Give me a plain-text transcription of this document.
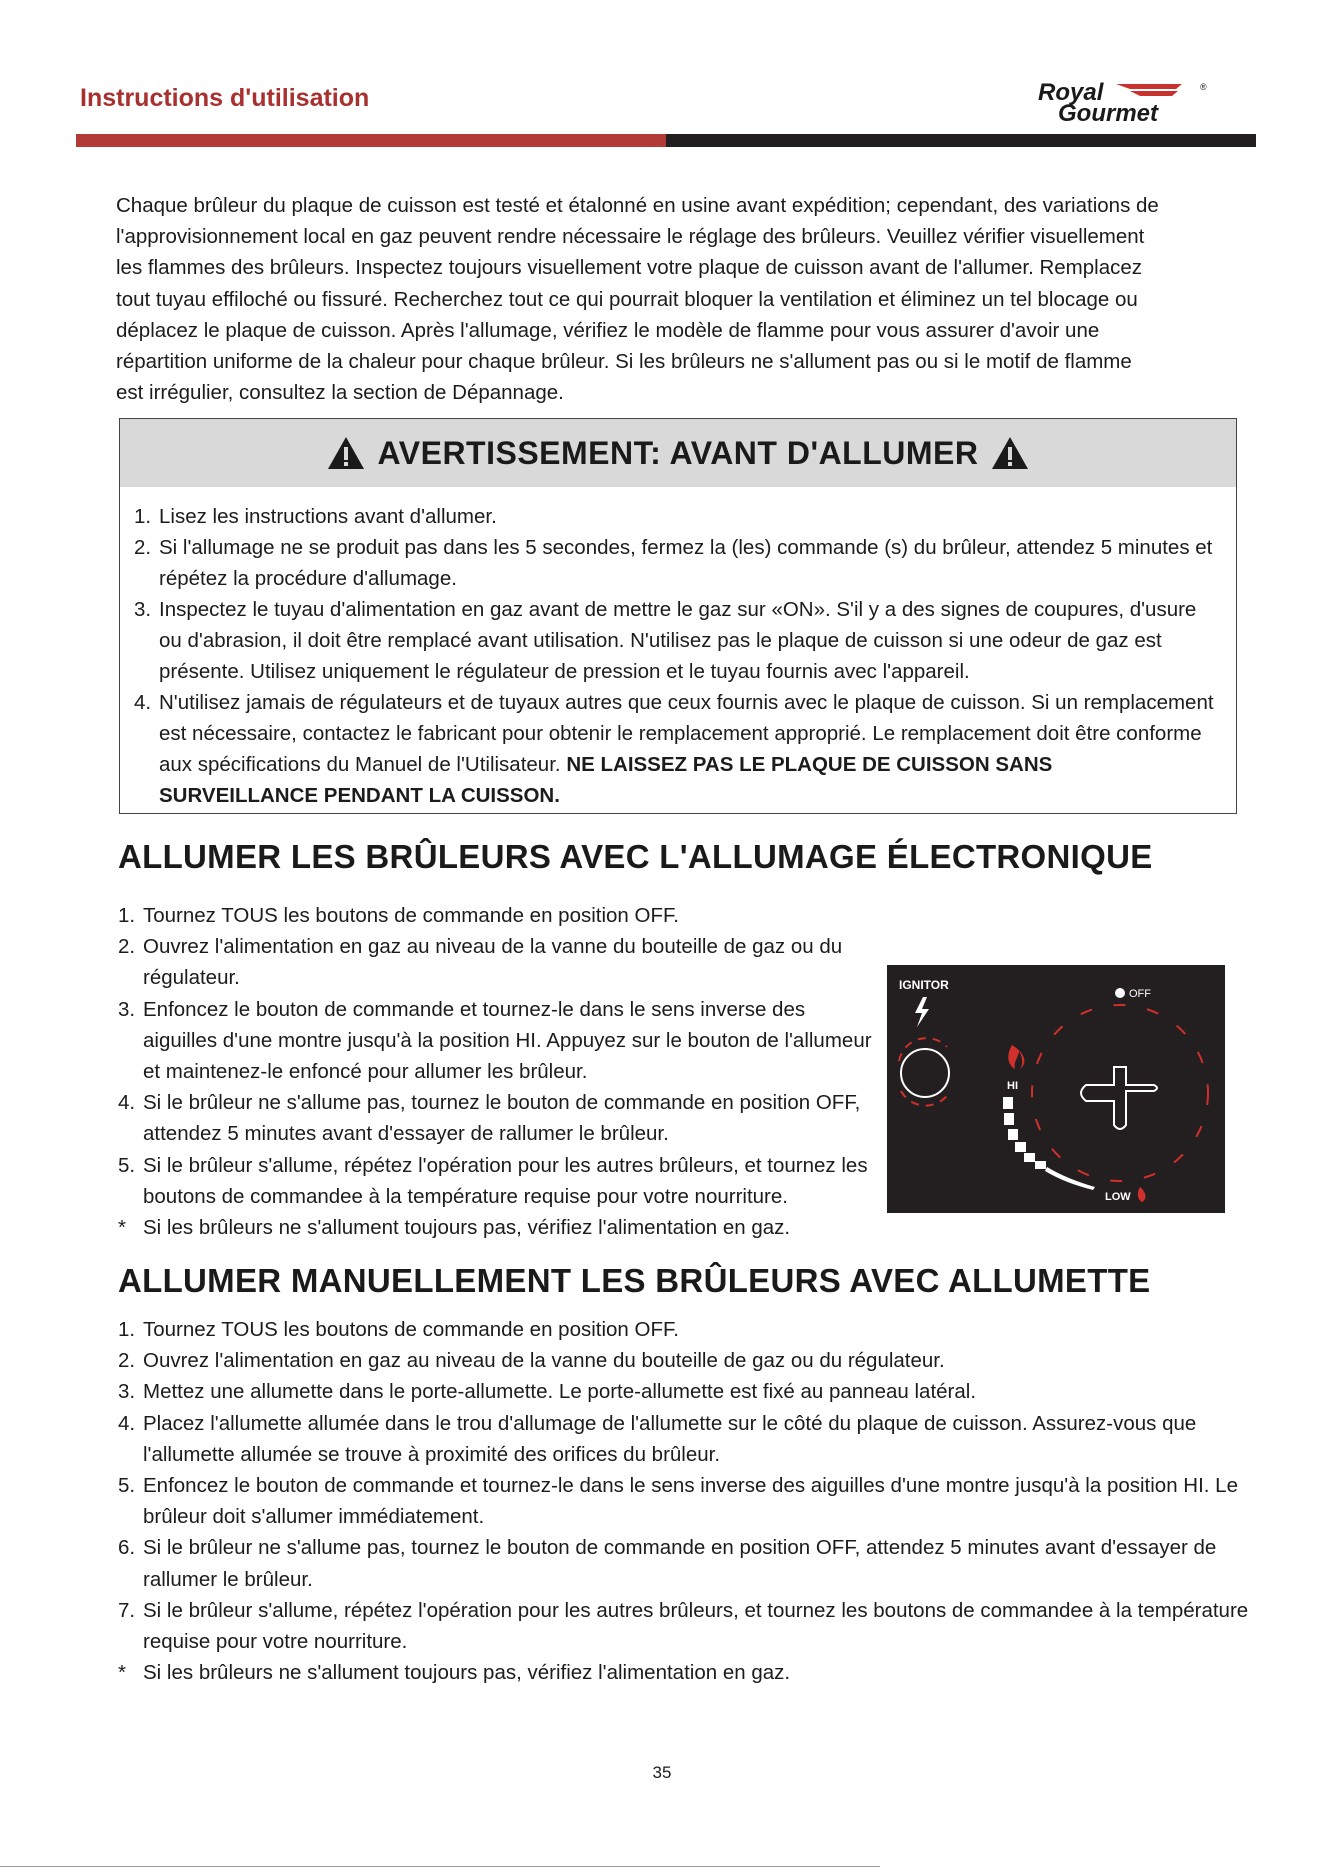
Instructions d'utilisation	Royal
Gourmet
®

Chaque brûleur du plaque de cuisson est testé et étalonné en usine avant expédition; cependant, des variations de

l'approvisionnement local en gaz peuvent rendre nécessaire le réglage des brûleurs. Veuillez vérifier visuellement

les flammes des brûleurs. Inspectez toujours visuellement votre plaque de cuisson avant de l'allumer. Remplacez

tout tuyau effiloché ou fissuré. Recherchez tout ce qui pourrait bloquer la ventilation et éliminez un tel blocage ou

déplacez le plaque de cuisson. Après l'allumage, vérifiez le modèle de flamme pour vous assurer d'avoir une

répartition uniforme de la chaleur pour chaque brûleur. Si les brûleurs ne s'allument pas ou si le motif de flamme

est irrégulier, consultez la section de Dépannage.

AVERTISSEMENT: AVANT D'ALLUMER
1. Lisez les instructions avant d'allumer.
2. Si l'allumage ne se produit pas dans les 5 secondes, fermez la (les) commande (s) du brûleur, attendez 5 minutes et répétez la procédure d'allumage.
3. Inspectez le tuyau d'alimentation en gaz avant de mettre le gaz sur «ON». S'il y a des signes de coupures, d'usure ou d'abrasion, il doit être remplacé avant utilisation. N'utilisez pas le plaque de cuisson si une odeur de gaz est présente. Utilisez uniquement le régulateur de pression et le tuyau fournis avec l'appareil.
4. N'utilisez jamais de régulateurs et de tuyaux autres que ceux fournis avec le plaque de cuisson. Si un remplacement est nécessaire, contactez le fabricant pour obtenir le remplacement approprié. Le remplacement doit être conforme aux spécifications du Manuel de l'Utilisateur. NE LAISSEZ PAS LE PLAQUE DE CUISSON SANS SURVEILLANCE PENDANT LA CUISSON.
ALLUMER LES BRÛLEURS AVEC L'ALLUMAGE ÉLECTRONIQUE
1. Tournez TOUS les boutons de commande en position OFF.
2. Ouvrez l'alimentation en gaz au niveau de la vanne du bouteille de gaz ou du régulateur.
3. Enfoncez le bouton de commande et tournez-le dans le sens inverse des aiguilles d'une montre jusqu'à la position HI. Appuyez sur le bouton de l'allumeur et maintenez-le enfoncé pour allumer les brûleur.
4. Si le brûleur ne s'allume pas, tournez le bouton de commande en position OFF, attendez 5 minutes avant d'essayer de rallumer le brûleur.
5. Si le brûleur s'allume, répétez l'opération pour les autres brûleurs, et tournez les boutons de commandee à la température requise pour votre nourriture.
* Si les brûleurs ne s'allument toujours pas, vérifiez l'alimentation en gaz.
IGNITOR
OFF
HI
LOW
ALLUMER MANUELLEMENT LES BRÛLEURS AVEC ALLUMETTE
1. Tournez TOUS les boutons de commande en position OFF.
2. Ouvrez l'alimentation en gaz au niveau de la vanne du bouteille de gaz ou du régulateur.
3. Mettez une allumette dans le porte-allumette. Le porte-allumette est fixé au panneau latéral.
4. Placez l'allumette allumée dans le trou d'allumage de l'allumette sur le côté du plaque de cuisson. Assurez-vous que l'allumette allumée se trouve à proximité des orifices du brûleur.
5. Enfoncez le bouton de commande et tournez-le dans le sens inverse des aiguilles d'une montre jusqu'à la position HI. Le brûleur doit s'allumer immédiatement.
6. Si le brûleur ne s'allume pas, tournez le bouton de commande en position OFF, attendez 5 minutes avant d'essayer de rallumer le brûleur.
7. Si le brûleur s'allume, répétez l'opération pour les autres brûleurs, et tournez les boutons de commandee à la température requise pour votre nourriture.
* Si les brûleurs ne s'allument toujours pas, vérifiez l'alimentation en gaz.
35
